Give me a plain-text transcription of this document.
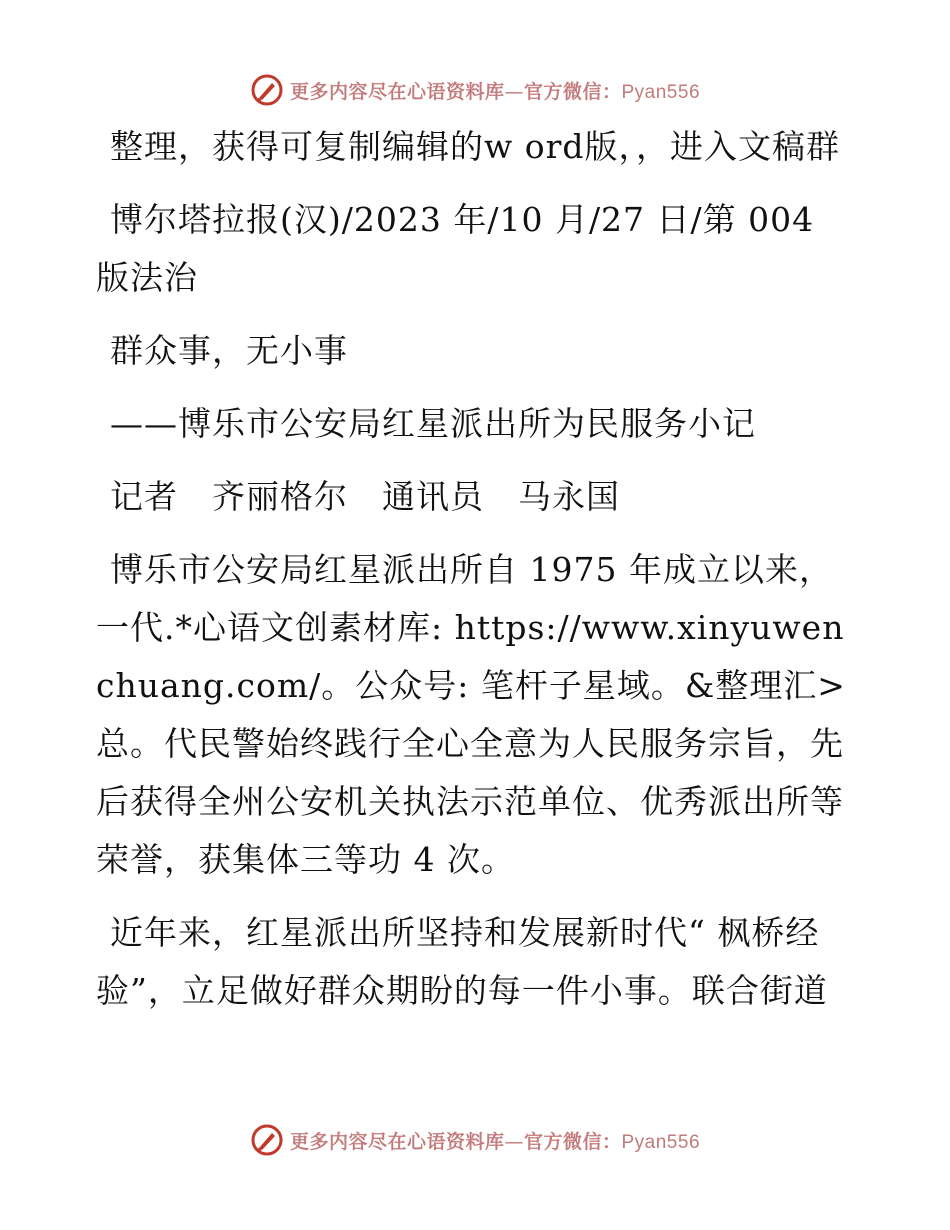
更多内容尽在心语资料库—官方微信：Pyan556

整理，获得可复制编辑的w ord版，，进入文稿群

博尔塔拉报(汉)/2023 年/10 月/27 日/第 004 版法治

群众事，无小事

——博乐市公安局红星派出所为民服务小记

记者　齐丽格尔　通讯员　马永国

博乐市公安局红星派出所自 1975 年成立以来，一代.*心语文创素材库: https://www.xinyuwenchuang.com/。公众号: 笔杆子星域。&整理汇>总。代民警始终践行全心全意为人民服务宗旨，先后获得全州公安机关执法示范单位、优秀派出所等荣誉，获集体三等功 4 次。

近年来，红星派出所坚持和发展新时代“ 枫桥经验”，立足做好群众期盼的每一件小事。联合街道

更多内容尽在心语资料库—官方微信：Pyan556
